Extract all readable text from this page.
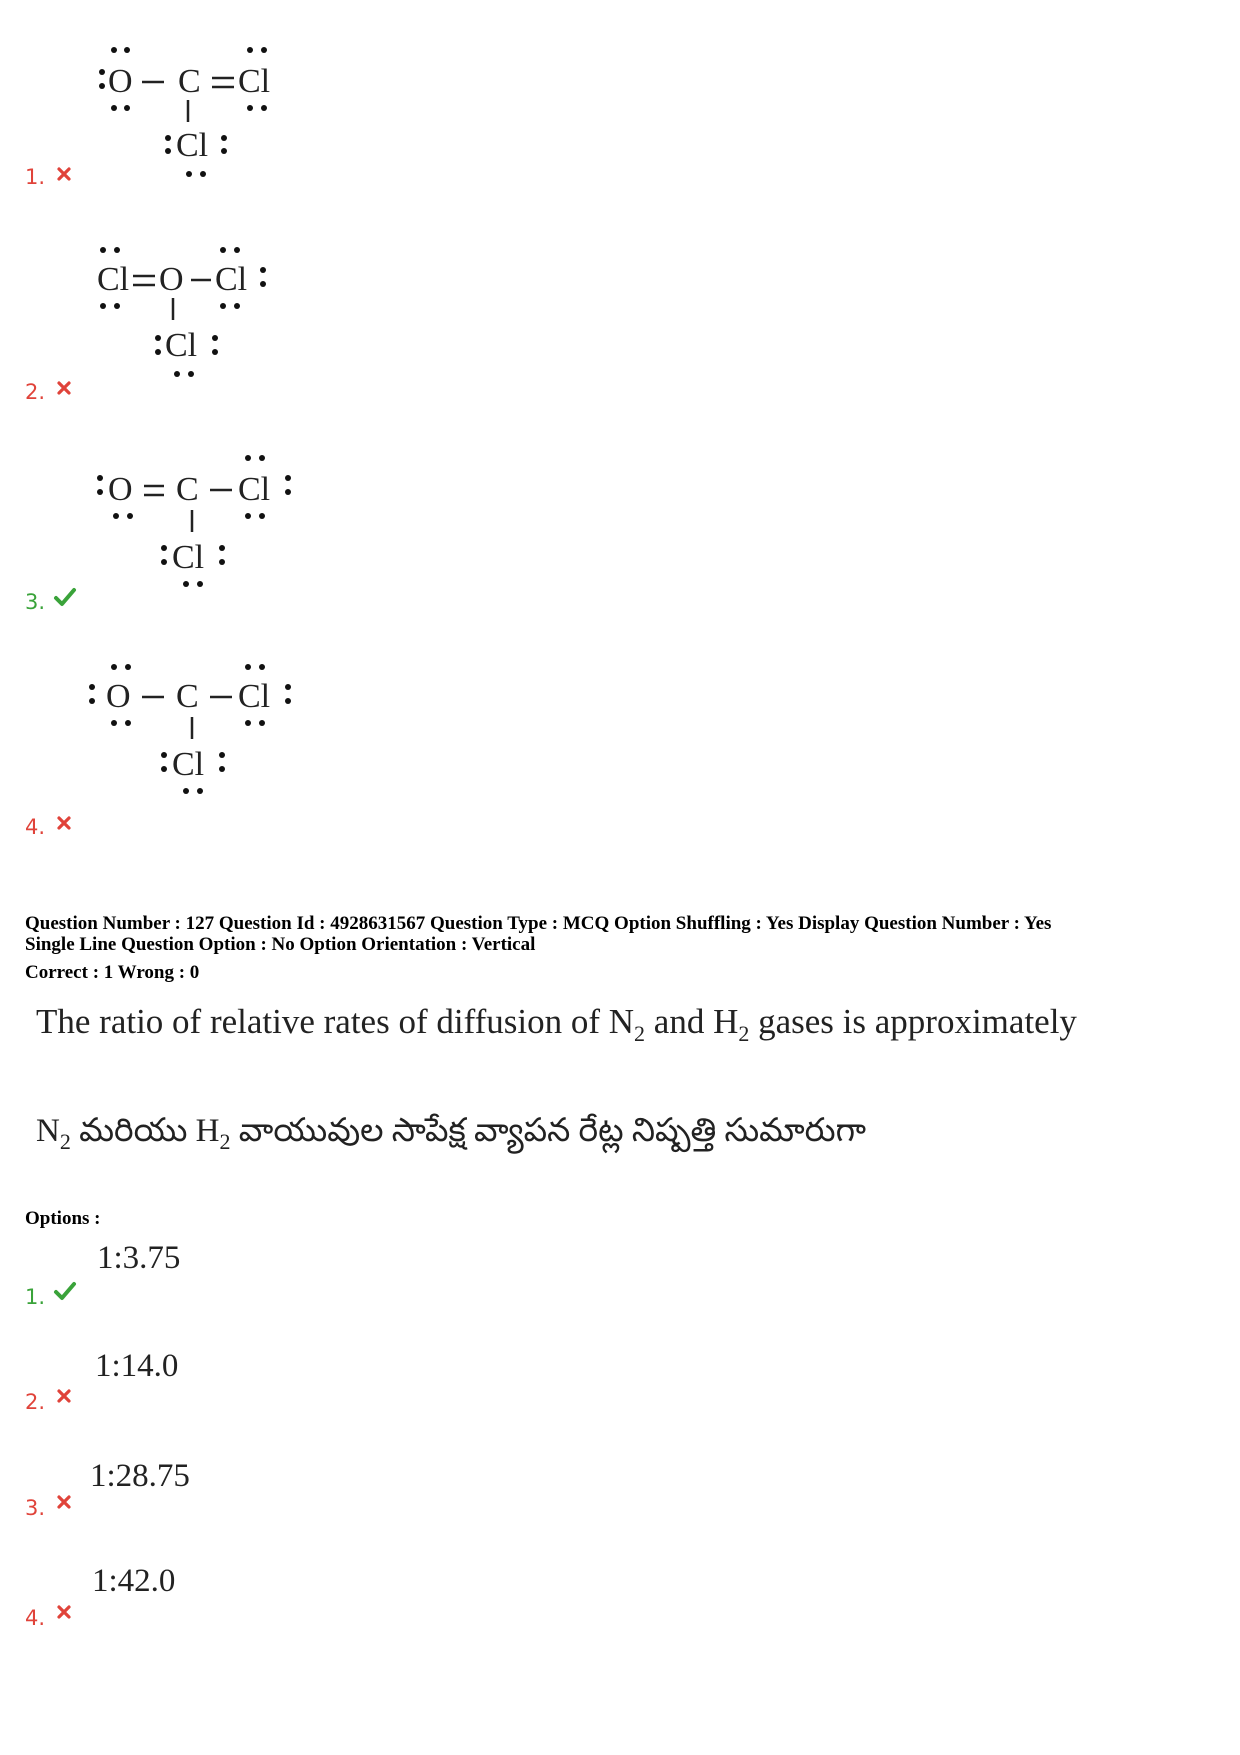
O C Cl
Cl
1.
Cl O Cl
Cl
2.
O C Cl
Cl
3.
O C Cl
Cl
4.
Question Number : 127 Question Id : 4928631567 Question Type : MCQ Option Shuffling : Yes Display Question Number : Yes
Single Line Question Option : No Option Orientation : Vertical
Correct : 1 Wrong : 0
The ratio of relative rates of diffusion of $N_2$ and $H_2$ gases is approximately
$N_2$ మరియు $H_2$ వాయువుల సాపేక్ష వ్యాపన రేట్ల నిష్పత్తి సుమారుగా
Options :
1:3.75
1.
1:14.0
2.
1:28.75
3.
1:42.0
4.
